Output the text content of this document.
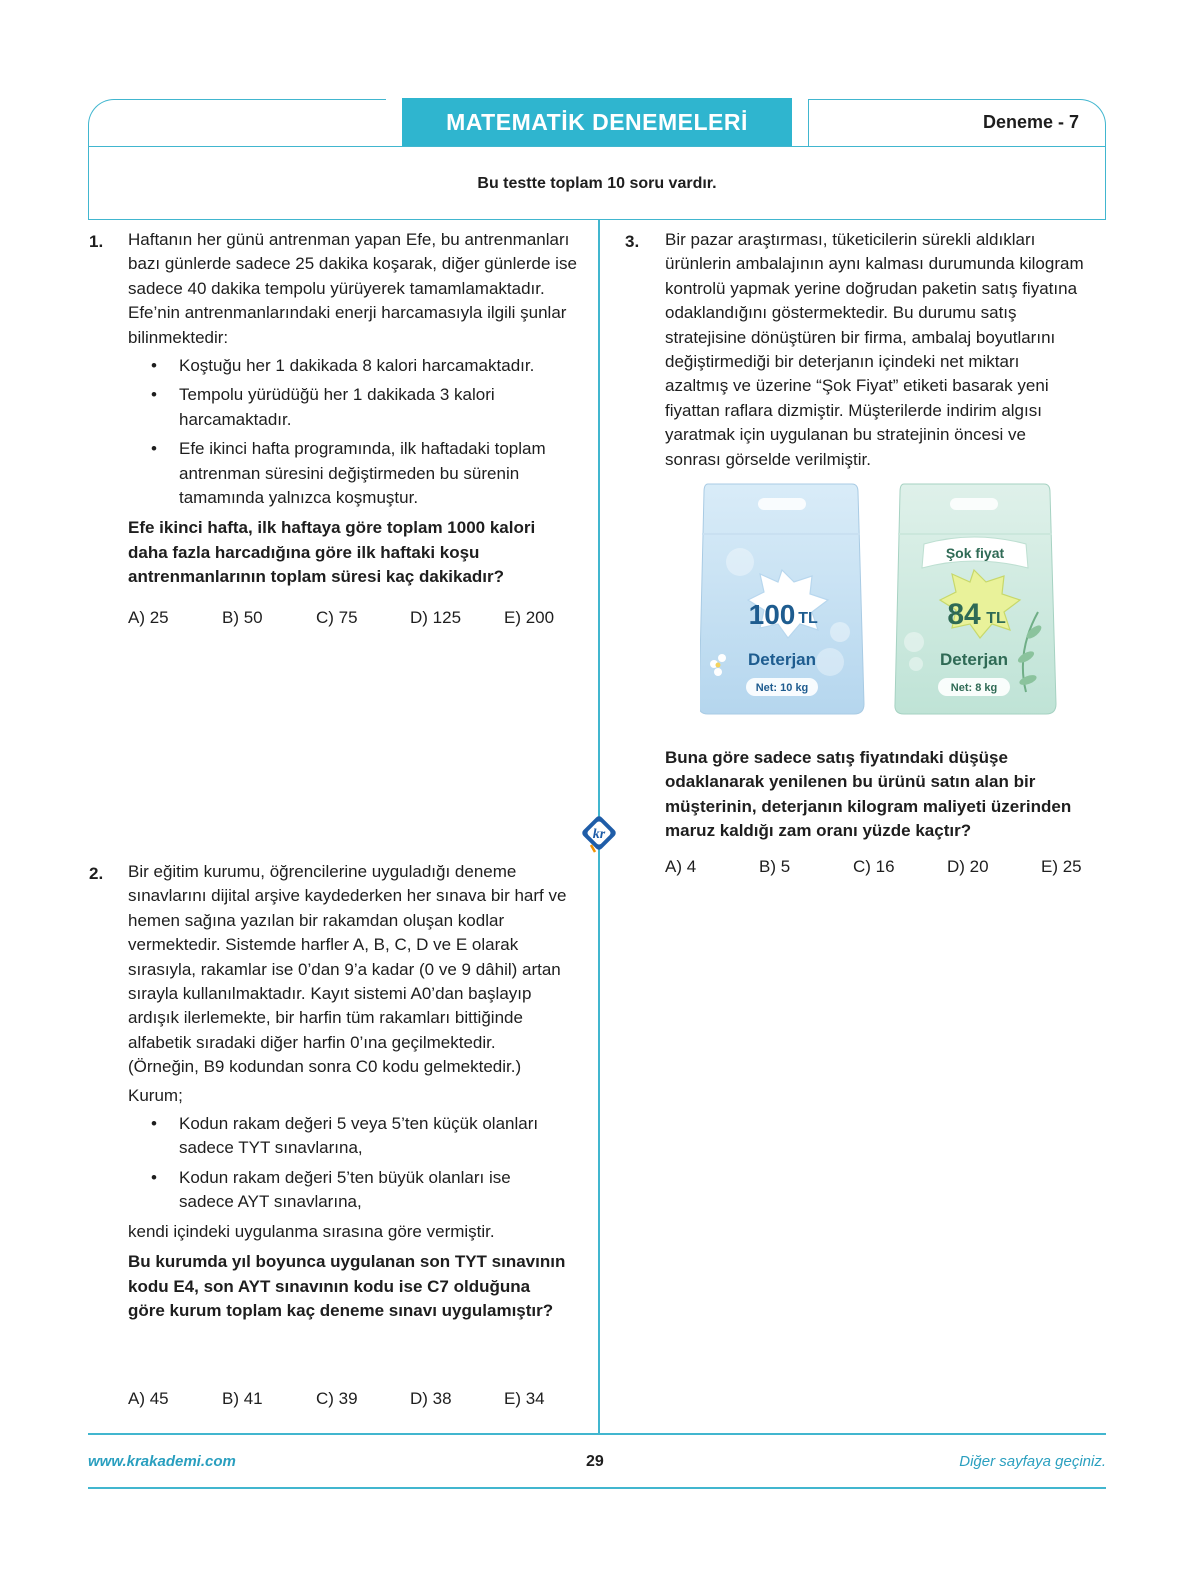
MATEMATİK DENEMELERİ	Deneme - 7
Bu testte toplam 10 soru vardır.
kr
1. Haftanın her günü antrenman yapan Efe, bu antrenmanları bazı günlerde sadece 25 dakika koşarak, diğer günlerde ise sadece 40 dakika tempolu yürüyerek tamamlamaktadır. Efe’nin antrenmanlarındaki enerji harcamasıyla ilgili şunlar bilinmektedir:

• Koştuğu her 1 dakikada 8 kalori harcamaktadır.
• Tempolu yürüdüğü her 1 dakikada 3 kalori harcamaktadır.
• Efe ikinci hafta programında, ilk haftadaki toplam antrenman süresini değiştirmeden bu sürenin tamamında yalnızca koşmuştur.

Efe ikinci hafta, ilk haftaya göre toplam 1000 kalori daha fazla harcadığına göre ilk haftaki koşu antrenmanlarının toplam süresi kaç dakikadır?

A) 25	B) 50	C) 75	D) 125	E) 200
2. Bir eğitim kurumu, öğrencilerine uyguladığı deneme sınavlarını dijital arşive kaydederken her sınava bir harf ve hemen sağına yazılan bir rakamdan oluşan kodlar vermektedir. Sistemde harfler A, B, C, D ve E olarak sırasıyla, rakamlar ise 0’dan 9’a kadar (0 ve 9 dâhil) artan sırayla kullanılmaktadır. Kayıt sistemi A0’dan başlayıp ardışık ilerlemekte, bir harfin tüm rakamları bittiğinde alfabetik sıradaki diğer harfin 0’ına geçilmektedir. (Örneğin, B9 kodundan sonra C0 kodu gelmektedir.)

Kurum;

• Kodun rakam değeri 5 veya 5’ten küçük olanları sadece TYT sınavlarına,
• Kodun rakam değeri 5’ten büyük olanları ise sadece AYT sınavlarına,

kendi içindeki uygulanma sırasına göre vermiştir.

Bu kurumda yıl boyunca uygulanan son TYT sınavının kodu E4, son AYT sınavının kodu ise C7 olduğuna göre kurum toplam kaç deneme sınavı uygulamıştır?

A) 45	B) 41	C) 39	D) 38	E) 34
3. Bir pazar araştırması, tüketicilerin sürekli aldıkları ürünlerin ambalajının aynı kalması durumunda kilogram kontrolü yapmak yerine doğrudan paketin satış fiyatına odaklandığını göstermektedir. Bu durumu satış stratejisine dönüştüren bir firma, ambalaj boyutlarını değiştirmediği bir deterjanın içindeki net miktarı azaltmış ve üzerine “Şok Fiyat” etiketi basarak yeni fiyattan raflara dizmiştir. Müşterilerde indirim algısı yaratmak için uygulanan bu stratejinin öncesi ve sonrası görselde verilmiştir.

100 TL
Deterjan
Net: 10 kg
Şok fiyat
84 TL
Deterjan
Net: 8 kg
Buna göre sadece satış fiyatındaki düşüşe odaklanarak yenilenen bu ürünü satın alan bir müşterinin, deterjanın kilogram maliyeti üzerinden maruz kaldığı zam oranı yüzde kaçtır?
A) 4	B) 5	C) 16	D) 20	E) 25
www.krakademi.com	29	Diğer sayfaya geçiniz.
